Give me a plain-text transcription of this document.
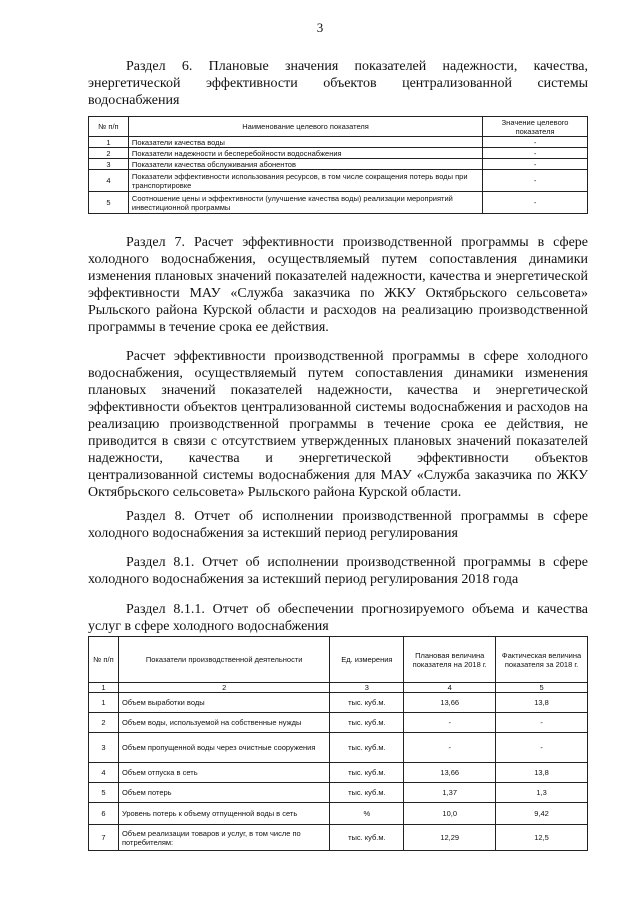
3

Раздел 6. Плановые значения показателей надежности, качества, энергетической эффективности объектов централизованной системы водоснабжения

№ п/п	Наименование целевого показателя	Значение целевого показателя
1	Показатели качества воды	-
2	Показатели надежности и бесперебойности водоснабжения	-
3	Показатели качества обслуживания абонентов	-
4	Показатели эффективности использования ресурсов, в том числе сокращения потерь воды при транспортировке	-
5	Соотношение цены и эффективности (улучшение качества воды) реализации мероприятий инвестиционной программы	-

Раздел 7. Расчет эффективности производственной программы в сфере холодного водоснабжения, осуществляемый путем сопоставления динамики изменения плановых значений показателей надежности, качества и энергетической эффективности МАУ «Служба заказчика по ЖКУ Октябрьского сельсовета» Рыльского района Курской области и расходов на реализацию производственной программы в течение срока ее действия.

Расчет эффективности производственной программы в сфере холодного водоснабжения, осуществляемый путем сопоставления динамики изменения плановых значений показателей надежности, качества и энергетической эффективности объектов централизованной системы водоснабжения и расходов на реализацию производственной программы в течение срока ее действия, не приводится в связи с отсутствием утвержденных плановых значений показателей надежности, качества и энергетической эффективности объектов централизованной системы водоснабжения для МАУ «Служба заказчика по ЖКУ Октябрьского сельсовета» Рыльского района Курской области.

Раздел 8. Отчет об исполнении производственной программы в сфере холодного водоснабжения за истекший период регулирования

Раздел 8.1. Отчет об исполнении производственной программы в сфере холодного водоснабжения за истекший период регулирования 2018 года

Раздел 8.1.1. Отчет об обеспечении прогнозируемого объема и качества услуг в сфере холодного водоснабжения

№ п/п	Показатели производственной деятельности	Ед. измерения	Плановая величина показателя на 2018 г.	Фактическая величина показателя за 2018 г.
1	2	3	4	5
1	Объем выработки воды	тыс. куб.м.	13,66	13,8
2	Объем воды, используемой на собственные нужды	тыс. куб.м.	-	-
3	Объем пропущенной воды через очистные сооружения	тыс. куб.м.	-	-
4	Объем отпуска в сеть	тыс. куб.м.	13,66	13,8
5	Объем потерь	тыс. куб.м.	1,37	1,3
6	Уровень потерь к объему отпущенной воды в сеть	%	10,0	9,42
7	Объем реализации товаров и услуг, в том числе по потребителям:	тыс. куб.м.	12,29	12,5
